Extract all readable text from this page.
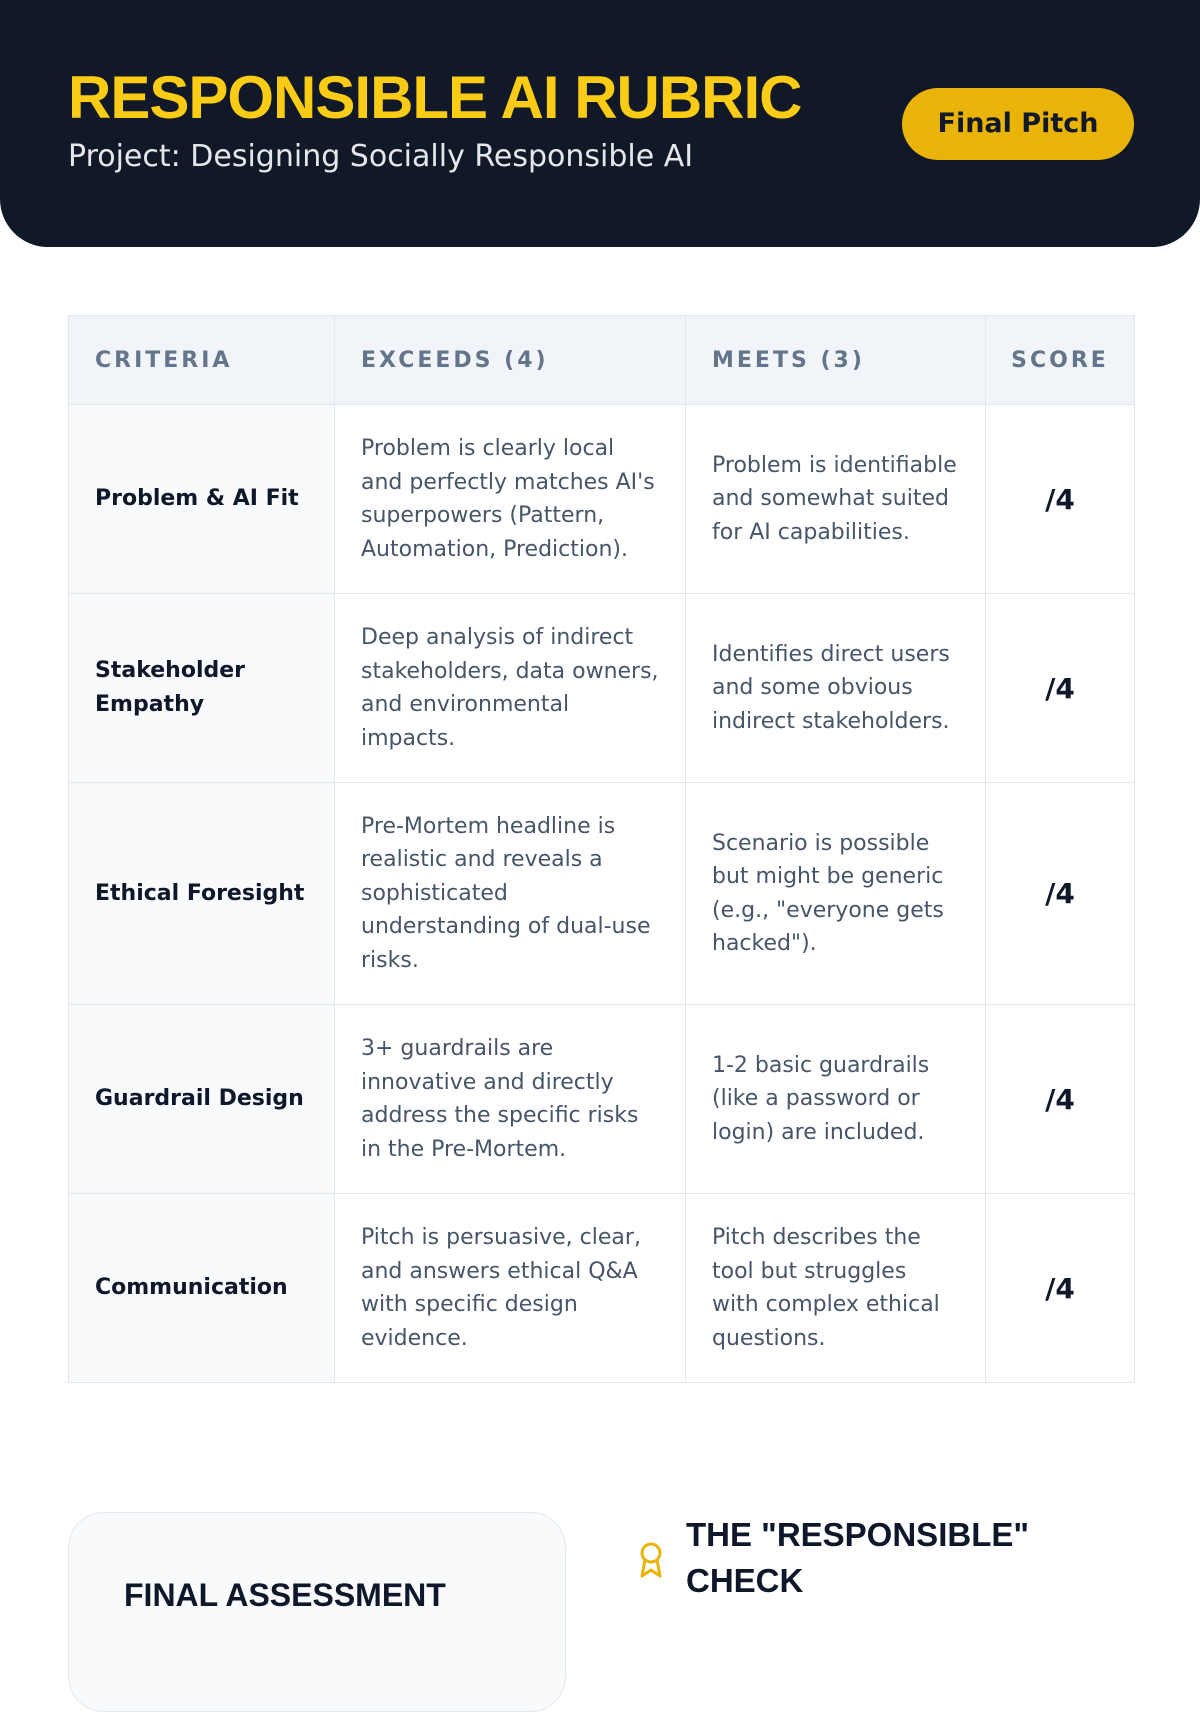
RESPONSIBLE AI RUBRIC

Project: Designing Socially Responsible AI

Final Pitch
CRITERIA	EXCEEDS (4)	MEETS (3)	SCORE
Problem & AI Fit	Problem is clearly local and perfectly matches AI's superpowers (Pattern, Automation, Prediction).	Problem is identifiable and somewhat suited for AI capabilities.	/4
Stakeholder Empathy	Deep analysis of indirect stakeholders, data owners, and environmental impacts.	Identifies direct users and some obvious indirect stakeholders.	/4
Ethical Foresight	Pre-Mortem headline is realistic and reveals a sophisticated understanding of dual-use risks.	Scenario is possible but might be generic (e.g., "everyone gets hacked").	/4
Guardrail Design	3+ guardrails are innovative and directly address the specific risks in the Pre-Mortem.	1-2 basic guardrails (like a password or login) are included.	/4
Communication	Pitch is persuasive, clear, and answers ethical Q&A with specific design evidence.	Pitch describes the tool but struggles with complex ethical questions.	/4
FINAL ASSESSMENT
THE "RESPONSIBLE" CHECK
